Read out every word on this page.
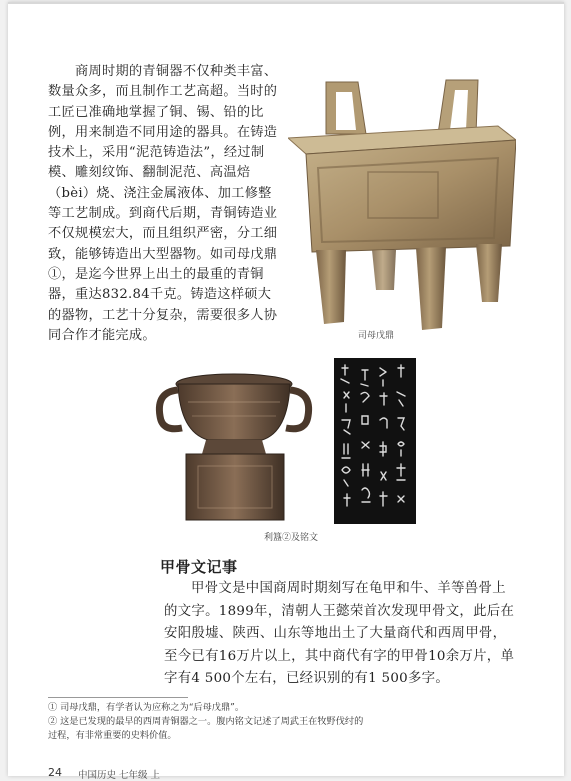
商周时期的青铜器不仅种类丰富、数量众多，而且制作工艺高超。当时的工匠已准确地掌握了铜、锡、铅的比例，用来制造不同用途的器具。在铸造技术上，采用“泥范铸造法”，经过制模、雕刻纹饰、翻制泥范、高温焙（bèi）烧、浇注金属液体、加工修整等工艺制成。到商代后期，青铜铸造业不仅规模宏大，而且组织严密，分工细致，能够铸造出大型器物。如司母戊鼎①，是迄今世界上出土的最重的青铜器，重达832.84千克。铸造这样硕大的器物，工艺十分复杂，需要很多人协同合作才能完成。	司母戊鼎
利簋②及铭文
甲骨文记事

甲骨文是中国商周时期刻写在龟甲和牛、羊等兽骨上的文字。1899年，清朝人王懿荣首次发现甲骨文，此后在安阳殷墟、陕西、山东等地出土了大量商代和西周甲骨，至今已有16万片以上，其中商代有字的甲骨10余万片，单字有4 500个左右，已经识别的有1 500多字。

① 司母戊鼎，有学者认为应称之为“后母戊鼎”。

② 这是已发现的最早的西周青铜器之一。腹内铭文记述了周武王在牧野伐纣的过程，有非常重要的史料价值。

24 中国历史 七年级 上
